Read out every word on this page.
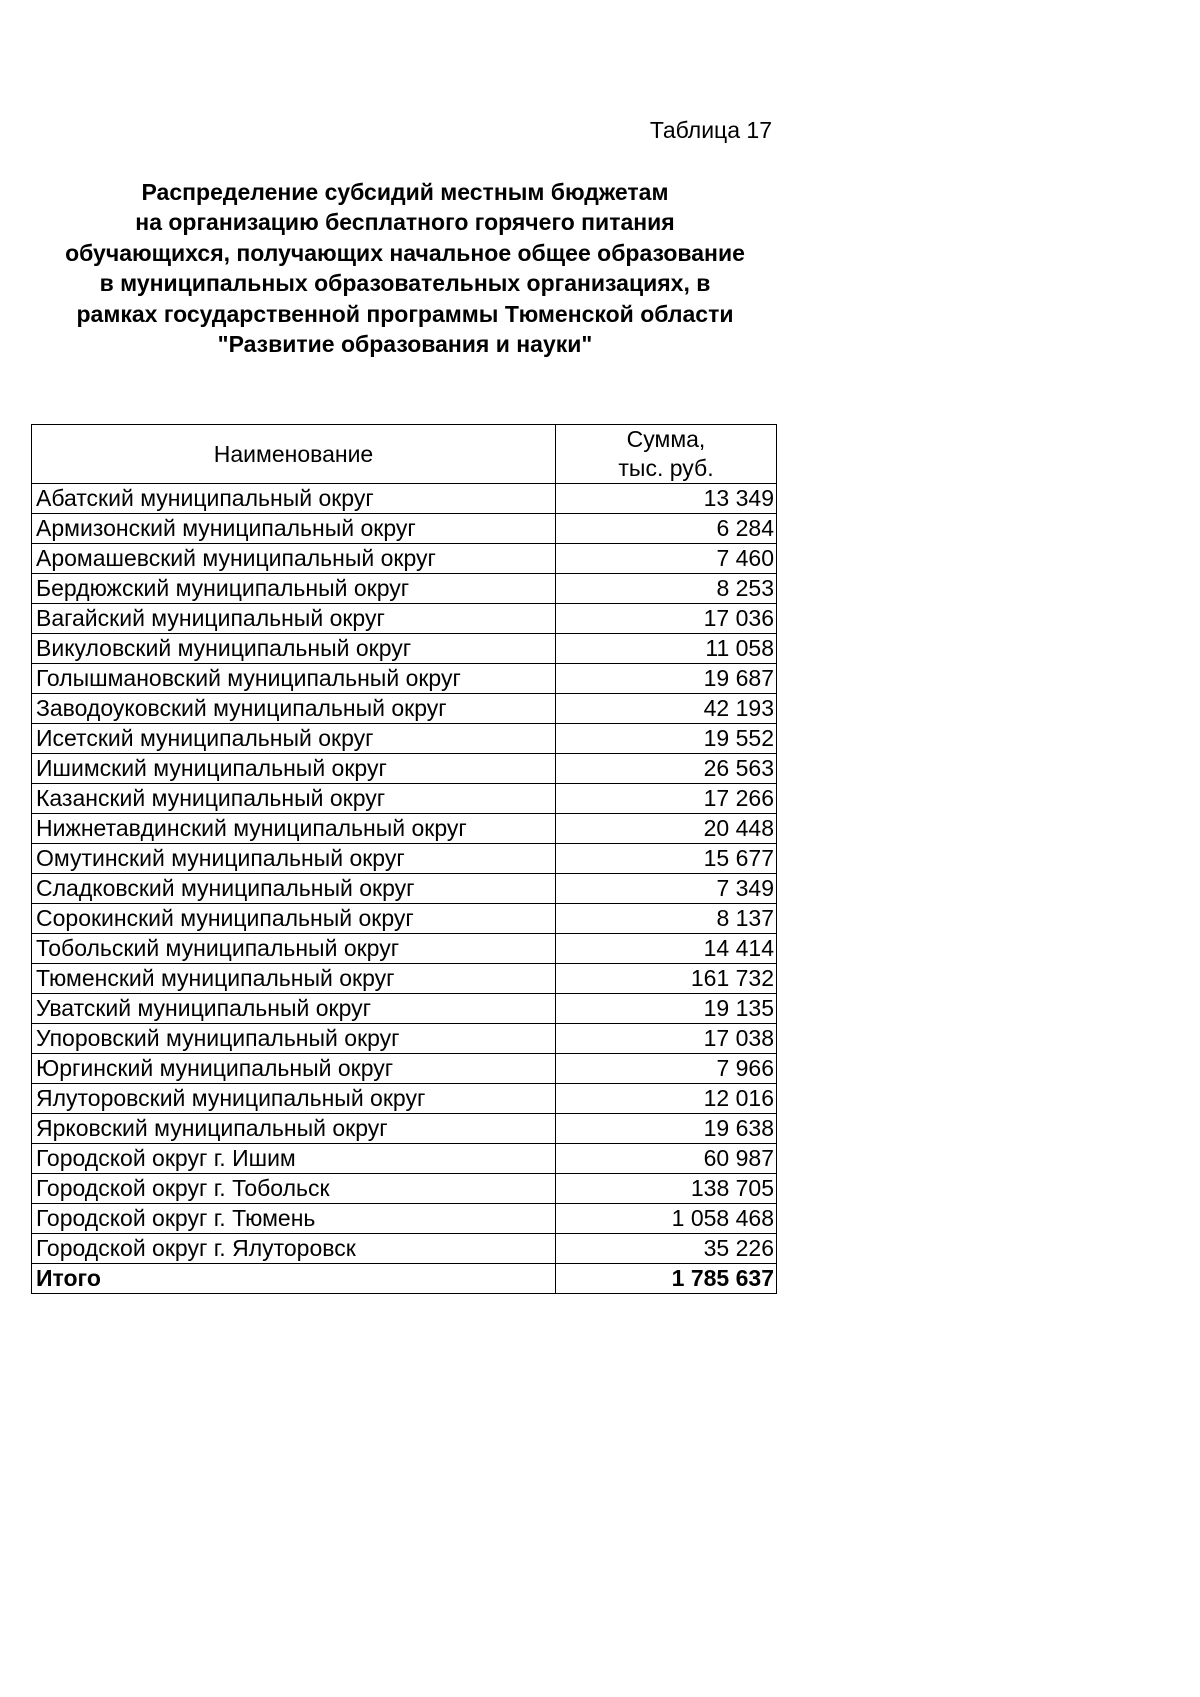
Таблица 17
Распределение субсидий местным бюджетам
на организацию бесплатного горячего питания
обучающихся, получающих начальное общее образование
в муниципальных образовательных организациях, в
рамках государственной программы Тюменской области
"Развитие образования и науки"
Наименование	Сумма,
тыс. руб.

Абатский муниципальный округ	13 349
Армизонский муниципальный округ	6 284
Аромашевский муниципальный округ	7 460
Бердюжский муниципальный округ	8 253
Вагайский муниципальный округ	17 036
Викуловский муниципальный округ	11 058
Голышмановский муниципальный округ	19 687
Заводоуковский муниципальный округ	42 193
Исетский муниципальный округ	19 552
Ишимский муниципальный округ	26 563
Казанский муниципальный округ	17 266
Нижнетавдинский муниципальный округ	20 448
Омутинский муниципальный округ	15 677
Сладковский муниципальный округ	7 349
Сорокинский муниципальный округ	8 137
Тобольский муниципальный округ	14 414
Тюменский муниципальный округ	161 732
Уватский муниципальный округ	19 135
Упоровский муниципальный округ	17 038
Юргинский муниципальный округ	7 966
Ялуторовский муниципальный округ	12 016
Ярковский муниципальный округ	19 638
Городской округ г. Ишим	60 987
Городской округ г. Тобольск	138 705
Городской округ г. Тюмень	1 058 468
Городской округ г. Ялуторовск	35 226
Итого	1 785 637
